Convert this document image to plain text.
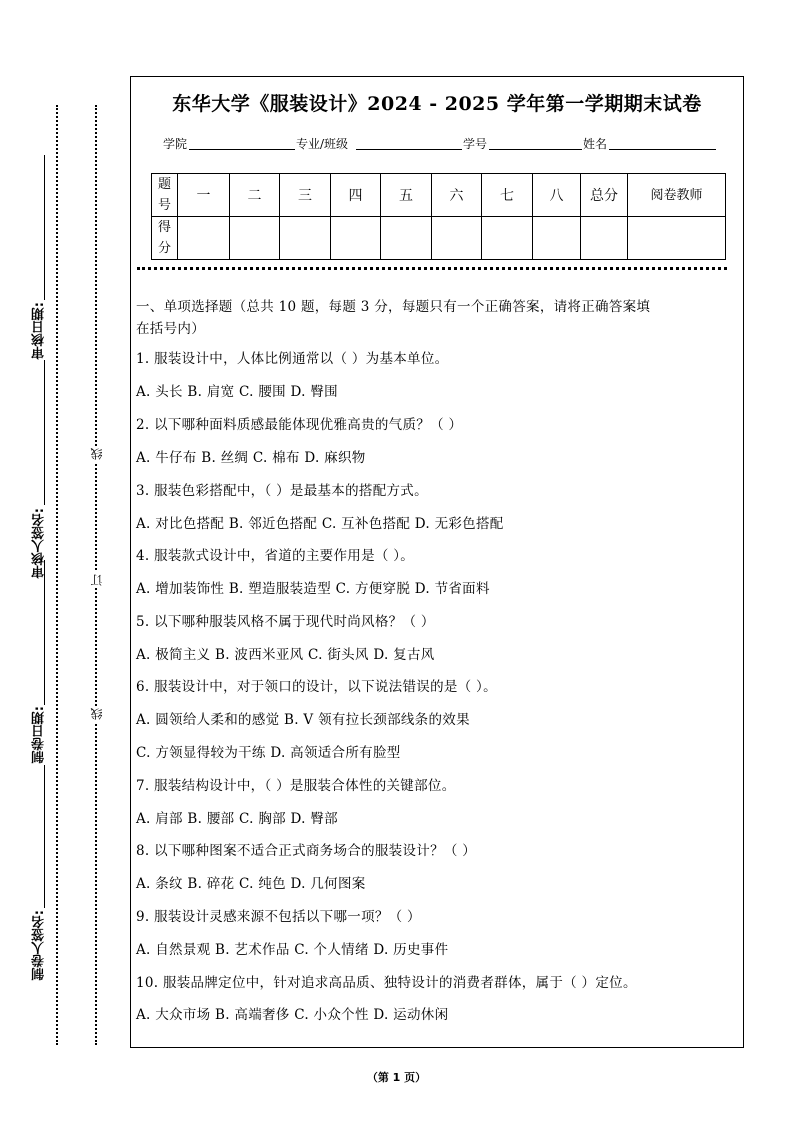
审核日期:
审核人签名:
制卷日期:
制卷人签名:
线
订
线
东华大学《服装设计》2024 - 2025 学年第一学期期末试卷
学院	专业/班级	学号	姓名
题号	一	二	三	四	五	六	七	八	总分	阅卷教师
得分										
一、单项选择题（总共 10 题，每题 3 分，每题只有一个正确答案，请将正确答案填
在括号内）
1. 服装设计中，人体比例通常以（ ）为基本单位。
A. 头长 B. 肩宽 C. 腰围 D. 臀围
2. 以下哪种面料质感最能体现优雅高贵的气质？（ ）
A. 牛仔布 B. 丝绸 C. 棉布 D. 麻织物
3. 服装色彩搭配中，（ ）是最基本的搭配方式。
A. 对比色搭配 B. 邻近色搭配 C. 互补色搭配 D. 无彩色搭配
4. 服装款式设计中，省道的主要作用是（ ）。
A. 增加装饰性 B. 塑造服装造型 C. 方便穿脱 D. 节省面料
5. 以下哪种服装风格不属于现代时尚风格？（ ）
A. 极简主义 B. 波西米亚风 C. 街头风 D. 复古风
6. 服装设计中，对于领口的设计，以下说法错误的是（ ）。
A. 圆领给人柔和的感觉 B. V 领有拉长颈部线条的效果
C. 方领显得较为干练 D. 高领适合所有脸型
7. 服装结构设计中，（ ）是服装合体性的关键部位。
A. 肩部 B. 腰部 C. 胸部 D. 臀部
8. 以下哪种图案不适合正式商务场合的服装设计？（ ）
A. 条纹 B. 碎花 C. 纯色 D. 几何图案
9. 服装设计灵感来源不包括以下哪一项？（ ）
A. 自然景观 B. 艺术作品 C. 个人情绪 D. 历史事件
10. 服装品牌定位中，针对追求高品质、独特设计的消费者群体，属于（ ）定位。
A. 大众市场 B. 高端奢侈 C. 小众个性 D. 运动休闲
（第 1 页）
